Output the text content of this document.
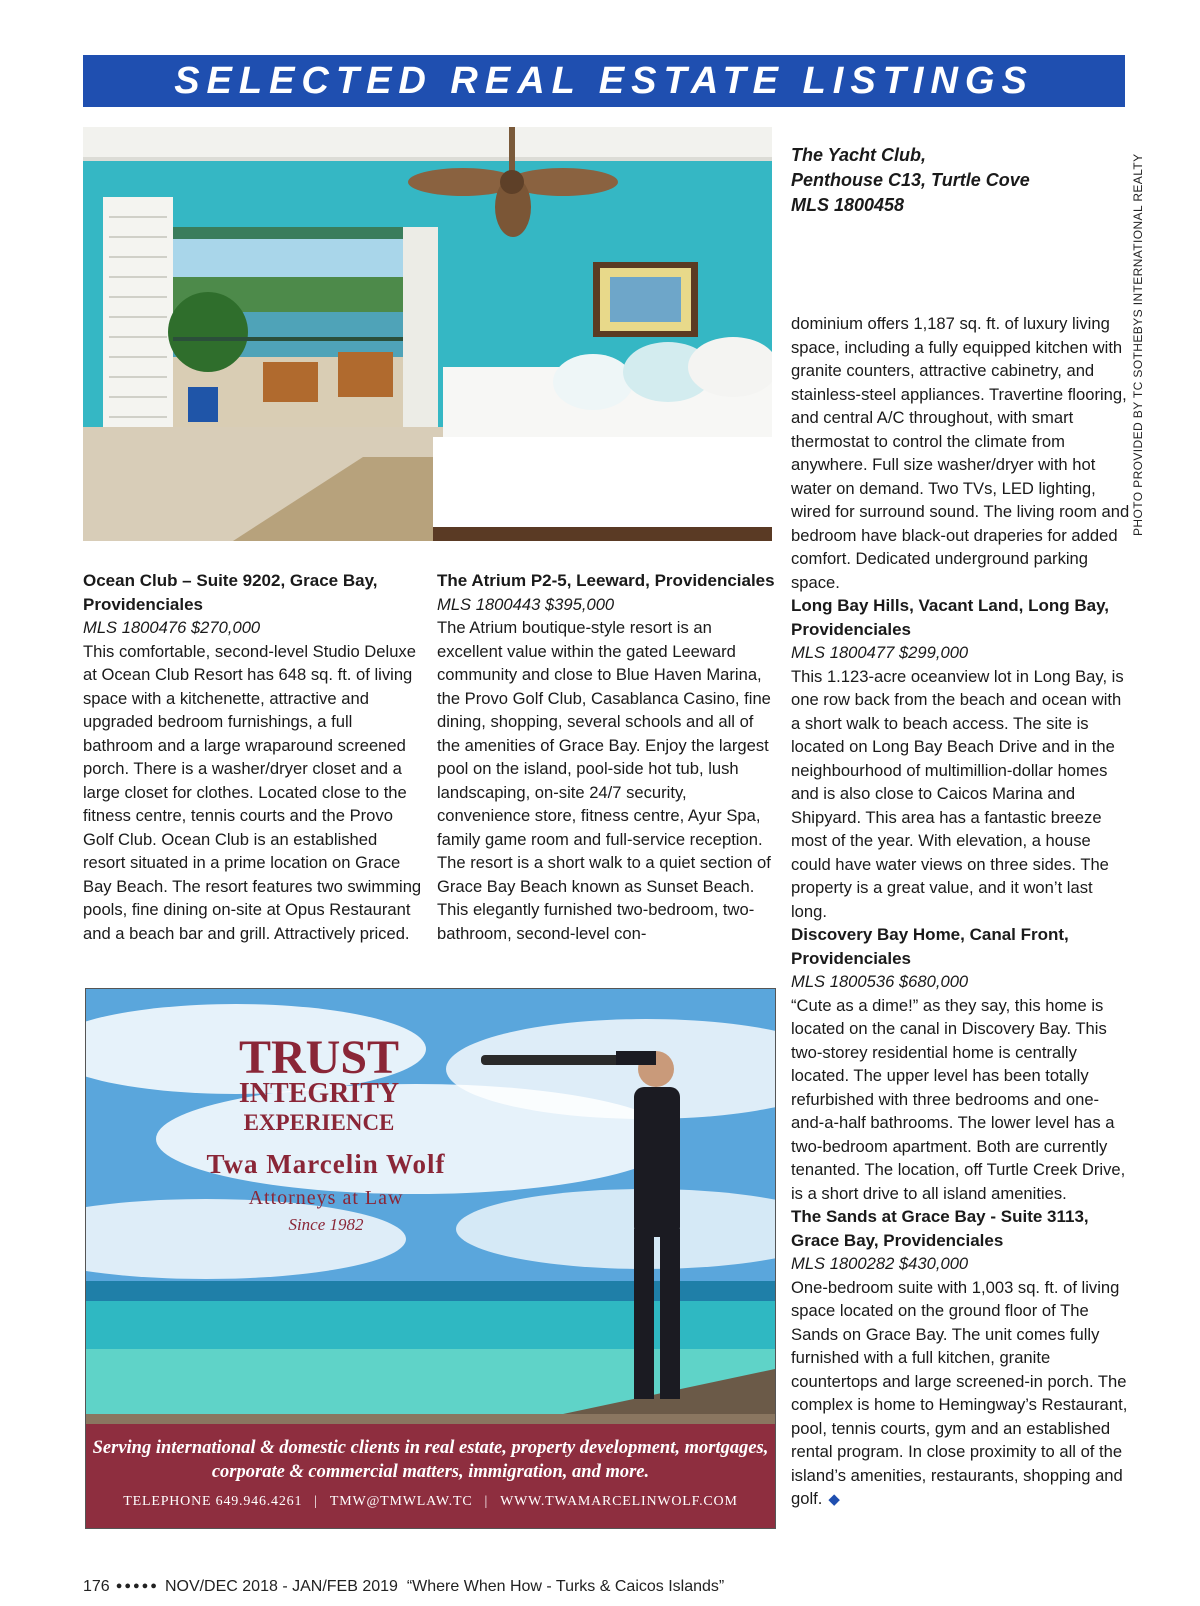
SELECTED REAL ESTATE LISTINGS
PHOTO PROVIDED BY TC SOTHEBYS INTERNATIONAL REALTY
The Yacht Club,
Penthouse C13, Turtle Cove
MLS 1800458
Ocean Club – Suite 9202, Grace Bay, Providenciales
MLS 1800476 $270,000

This comfortable, second-level Studio Deluxe at Ocean Club Resort has 648 sq. ft. of living space with a kitchenette, attractive and upgraded bedroom furnishings, a full bathroom and a large wraparound screened porch. There is a washer/dryer closet and a large closet for clothes. Located close to the fitness centre, tennis courts and the Provo Golf Club. Ocean Club is an established resort situated in a prime location on Grace Bay Beach. The resort features two swimming pools, fine dining on-site at Opus Restaurant and a beach bar and grill. Attractively priced.

The Atrium P2-5, Leeward, Providenciales
MLS 1800443 $395,000

The Atrium boutique-style resort is an excellent value within the gated Leeward community and close to Blue Haven Marina, the Provo Golf Club, Casablanca Casino, fine dining, shopping, several schools and all of the amenities of Grace Bay. Enjoy the largest pool on the island, pool-side hot tub, lush landscaping, on-site 24/7 security, convenience store, fitness centre, Ayur Spa, family game room and full-service reception. The resort is a short walk to a quiet section of Grace Bay Beach known as Sunset Beach. This elegantly furnished two-bedroom, two-bathroom, second-level con-

dominium offers 1,187 sq. ft. of luxury living space, including a fully equipped kitchen with granite counters, attractive cabinetry, and stainless-steel appliances. Travertine flooring, and central A/C throughout, with smart thermostat to control the climate from anywhere. Full size washer/dryer with hot water on demand. Two TVs, LED lighting, wired for surround sound. The living room and bedroom have black-out draperies for added comfort. Dedicated underground parking space.

Long Bay Hills, Vacant Land, Long Bay, Providenciales
MLS 1800477 $299,000

This 1.123-acre oceanview lot in Long Bay, is one row back from the beach and ocean with a short walk to beach access. The site is located on Long Bay Beach Drive and in the neighbourhood of multimillion-dollar homes and is also close to Caicos Marina and Shipyard. This area has a fantastic breeze most of the year. With elevation, a house could have water views on three sides. The property is a great value, and it won’t last long.

Discovery Bay Home, Canal Front, Providenciales
MLS 1800536 $680,000

“Cute as a dime!” as they say, this home is located on the canal in Discovery Bay. This two-storey residential home is centrally located. The upper level has been totally refurbished with three bedrooms and one-and-a-half bathrooms. The lower level has a two-bedroom apartment. Both are currently tenanted. The location, off Turtle Creek Drive, is a short drive to all island amenities.

The Sands at Grace Bay - Suite 3113, Grace Bay, Providenciales
MLS 1800282 $430,000

One-bedroom suite with 1,003 sq. ft. of living space located on the ground floor of The Sands on Grace Bay. The unit comes fully furnished with a full kitchen, granite countertops and large screened-in porch. The complex is home to Hemingway’s Restaurant, pool, tennis courts, gym and an established rental program. In close proximity to all of the island’s amenities, restaurants, shopping and golf. ◆

TRUST
INTEGRITY
EXPERIENCE
Twa Marcelin Wolf
Attorneys at Law
Since 1982
Serving international & domestic clients in real estate, property development, mortgages, corporate & commercial matters, immigration, and more.
TELEPHONE 649.946.4261 | TMW@TMWLAW.TC | WWW.TWAMARCELINWOLF.COM
176 ●●●●● NOV/DEC 2018 - JAN/FEB 2019 “Where When How - Turks & Caicos Islands”
